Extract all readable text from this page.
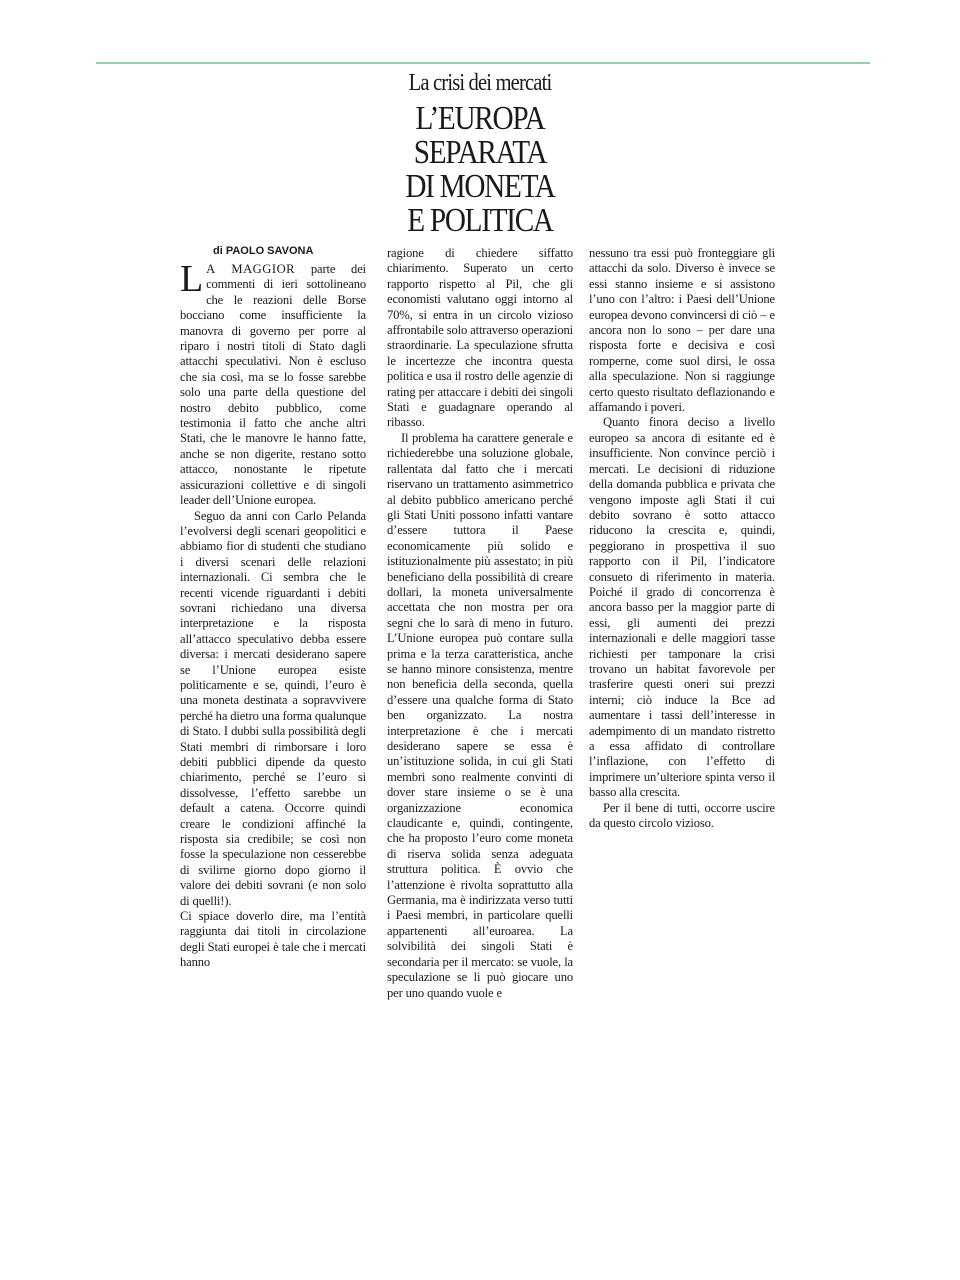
La crisi dei mercati
L’EUROPA
SEPARATA
DI MONETA
E POLITICA
di PAOLO SAVONA

L A MAGGIOR parte dei commenti di ieri sottolineano che le reazioni delle Borse bocciano come insufficiente la manovra di governo per porre al riparo i nostri titoli di Stato dagli attacchi speculativi. Non è escluso che sia così, ma se lo fosse sarebbe solo una parte della questione del nostro debito pubblico, come testimonia il fatto che anche altri Stati, che le manovre le hanno fatte, anche se non digerite, restano sotto attacco, nonostante le ripetute assicurazioni collettive e di singoli leader dell’Unione europea.

Seguo da anni con Carlo Pelanda l’evolversi degli scenari geopolitici e abbiamo fior di studenti che studiano i diversi scenari delle relazioni internazionali. Ci sembra che le recenti vicende riguardanti i debiti sovrani richiedano una diversa interpretazione e la risposta all’attacco speculativo debba essere diversa: i mercati desiderano sapere se l’Unione europea esiste politicamente e se, quindi, l’euro è una moneta destinata a sopravvivere perché ha dietro una forma qualunque di Stato. I dubbi sulla possibilità degli Stati membri di rimborsare i loro debiti pubblici dipende da questo chiarimento, perché se l’euro si dissolvesse, l’effetto sarebbe un default a catena. Occorre quindi creare le condizioni affinché la risposta sia credibile; se così non fosse la speculazione non cesserebbe di svilirne giorno dopo giorno il valore dei debiti sovrani (e non solo di quelli!).

Ci spiace doverlo dire, ma l’entità raggiunta dai titoli in circolazione degli Stati europei è tale che i mercati hanno

ragione di chiedere siffatto chiarimento. Superato un certo rapporto rispetto al Pil, che gli economisti valutano oggi intorno al 70%, si entra in un circolo vizioso affrontabile solo attraverso operazioni straordinarie. La speculazione sfrutta le incertezze che incontra questa politica e usa il rostro delle agenzie di rating per attaccare i debiti dei singoli Stati e guadagnare operando al ribasso.

Il problema ha carattere generale e richiederebbe una soluzione globale, rallentata dal fatto che i mercati riservano un trattamento asimmetrico al debito pubblico americano perché gli Stati Uniti possono infatti vantare d’essere tuttora il Paese economicamente più solido e istituzionalmente più assestato; in più beneficiano della possibilità di creare dollari, la moneta universalmente accettata che non mostra per ora segni che lo sarà di meno in futuro. L’Unione europea può contare sulla prima e la terza caratteristica, anche se hanno minore consistenza, mentre non beneficia della seconda, quella d’essere una qualche forma di Stato ben organizzato. La nostra interpretazione è che i mercati desiderano sapere se essa è un’istituzione solida, in cui gli Stati membri sono realmente convinti di dover stare insieme o se è una organizzazione economica claudicante e, quindi, contingente, che ha proposto l’euro come moneta di riserva solida senza adeguata struttura politica. È ovvio che l’attenzione è rivolta soprattutto alla Germania, ma è indirizzata verso tutti i Paesi membri, in particolare quelli appartenenti all’euroarea. La solvibilità dei singoli Stati è secondaria per il mercato: se vuole, la speculazione se li può giocare uno per uno quando vuole e

nessuno tra essi può fronteggiare gli attacchi da solo. Diverso è invece se essi stanno insieme e si assistono l’uno con l’altro: i Paesi dell’Unione europea devono convincersi di ciò – e ancora non lo sono – per dare una risposta forte e decisiva e così romperne, come suol dirsi, le ossa alla speculazione. Non si raggiunge certo questo risultato deflazionando e affamando i poveri.

Quanto finora deciso a livello europeo sa ancora di esitante ed è insufficiente. Non convince perciò i mercati. Le decisioni di riduzione della domanda pubblica e privata che vengono imposte agli Stati il cui debito sovrano è sotto attacco riducono la crescita e, quindi, peggiorano in prospettiva il suo rapporto con il Pil, l’indicatore consueto di riferimento in materia. Poiché il grado di concorrenza è ancora basso per la maggior parte di essi, gli aumenti dei prezzi internazionali e delle maggiori tasse richiesti per tamponare la crisi trovano un habitat favorevole per trasferire questi oneri sui prezzi interni; ciò induce la Bce ad aumentare i tassi dell’interesse in adempimento di un mandato ristretto a essa affidato di controllare l’inflazione, con l’effetto di imprimere un’ulteriore spinta verso il basso alla crescita.

Per il bene di tutti, occorre uscire da questo circolo vizioso.
